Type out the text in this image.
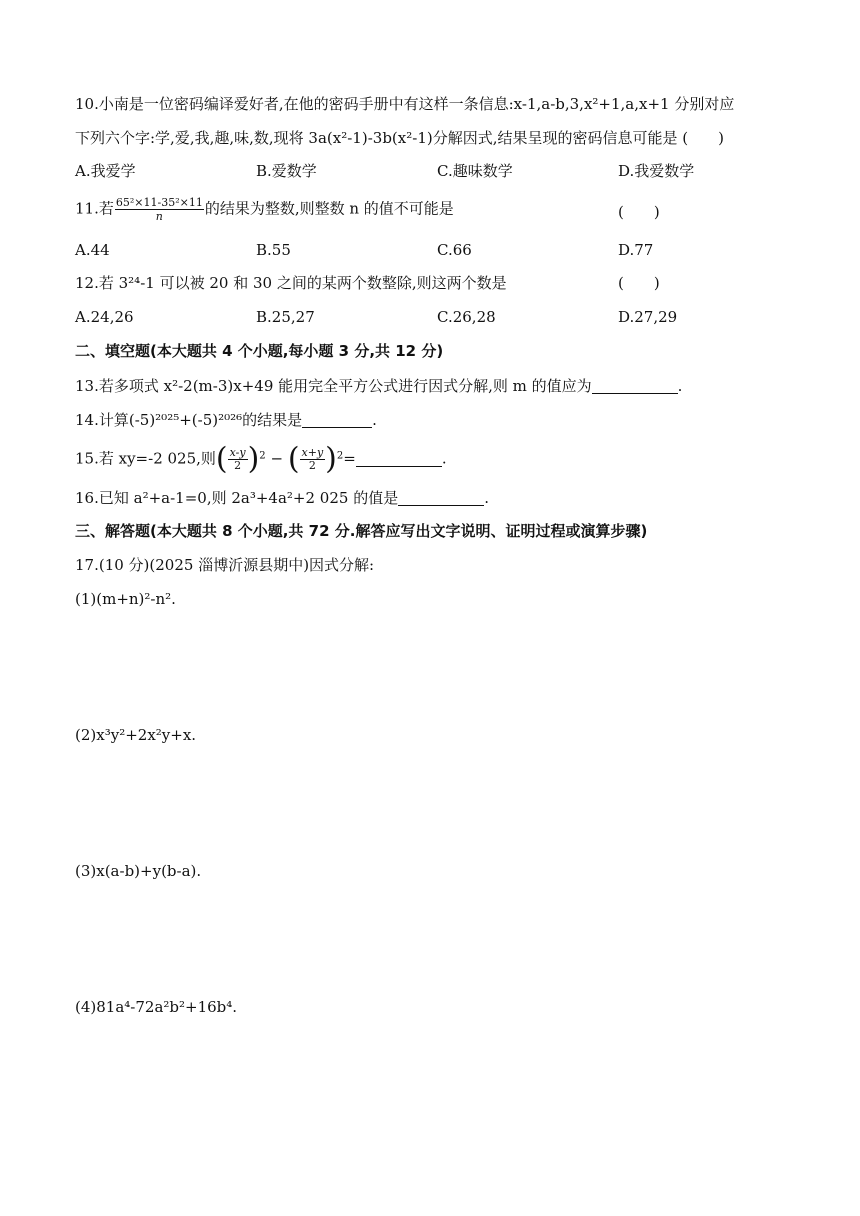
10.小南是一位密码编译爱好者,在他的密码手册中有这样一条信息:x-1,a-b,3,x²+1,a,x+1 分别对应
下列六个字:学,爱,我,趣,味,数,现将 3a(x²-1)-3b(x²-1)分解因式,结果呈现的密码信息可能是 (　　)
A.我爱学	B.爱数学	C.趣味数学	D.我爱数学
11.若 $\frac{\text{65²×11-35²×11}}{n}$ 的结果为整数,则整数 n 的值不可能是	(　　)
A.44	B.55	C.66	D.77
12.若 3²⁴-1 可以被 20 和 30 之间的某两个数整除,则这两个数是	(　　)
A.24,26	B.25,27	C.26,28	D.27,29
二、填空题(本大题共 4 个小题,每小题 3 分,共 12 分)
13.若多项式 x²-2(m-3)x+49 能用完全平方公式进行因式分解,则 m 的值应为	.
14.计算(-5)²⁰²⁵+(-5)²⁰²⁶的结果是	.
15.若 xy=-2 025,则( $\frac{x-y}{2} )^2$ − ( $\frac{x+y}{2} )^2=$	.
16.已知 a²+a-1=0,则 2a³+4a²+2 025 的值是	.
三、解答题(本大题共 8 个小题,共 72 分.解答应写出文字说明、证明过程或演算步骤)
17.(10 分)(2025 淄博沂源县期中)因式分解:
(1)(m+n)²-n².
(2)x³y²+2x²y+x.
(3)x(a-b)+y(b-a).
(4)81a⁴-72a²b²+16b⁴.
